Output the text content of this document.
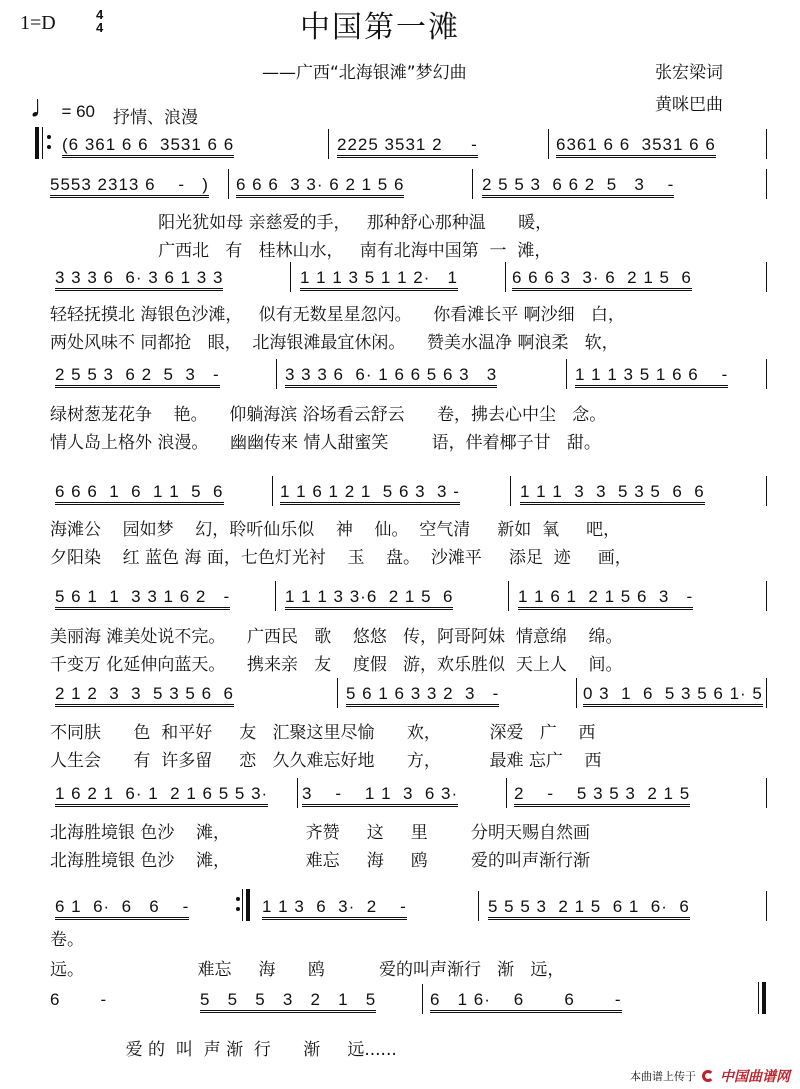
1=D	4
4	中国第一滩
——广西“北海银滩”梦幻曲	张宏梁词
黄咪巴曲

♩= 60 抒情、浪漫
(6 361 6 6  3531 6 6	2225 3531 2     -	6361 6 6  3531 6 6
5553 2313 6    -   ) 6 6 6  3 3· 6 2 1 5 6	2 5 5 3  6 6 2  5   3    -
阳光犹如母 亲慈爱的手，   那种舒心那种温      暖，
广西北   有   桂林山水，   南有北海中国第  一  滩，
3 3 3 6  6· 3 6 1 3 3	1 1 1 3 5 1 1 2·   1	6 6 6 3  3· 6  2 1 5  6
轻轻抚摸北 海银色沙滩，   似有无数星星忽闪。    你看滩长平 啊沙细   白，
两处风味不 同都抢   眼，  北海银滩最宜休闲。    赞美水温净 啊浪柔   软，
2 5 5 3  6 2  5  3   -	3 3 3 6  6· 1 6 6 5 6 3   3	1 1 1 3 5 1 6 6    -
绿树葱茏花争    艳。    仰躺海滨 浴场看云舒云      卷，拂去心中尘   念。
情人岛上格外 浪漫。    幽幽传来 情人甜蜜笑        语，伴着椰子甘   甜。
6 6 6  1  6  1 1  5  6	1 1 6 1 2 1  5 6 3  3 -	1 1 1  3  3  5 3 5  6  6
海滩公    园如梦    幻，聆听仙乐似    神    仙。  空气清     新如  氧     吧，
夕阳染    红 蓝色 海 面，七色灯光衬    玉    盘。  沙滩平     添足  迹     画，
5 6 1  1  3 3 1 6 2   -	1 1 1 3 3·6  2 1 5  6	1 1 6 1  2 1 5 6  3   -
美丽海 滩美处说不完。    广西民   歌    悠悠   传，阿哥阿妹  情意绵    绵。
千变万 化延伸向蓝天。    携来亲   友    度假   游，欢乐胜似  天上人    间。
2 1 2  3  3  5 3 5 6  6	5 6 1 6 3 3 2  3   -	0 3  1  6  5 3 5 6 1· 5
不同肤      色  和平好     友   汇聚这里尽愉      欢，         深爱   广    西
人生会      有  许多留     恋   久久难忘好地      方，         最难 忘广    西
1 6 2 1  6· 1  2 1 6 5 5 3· 3    -    1 1  3  6 3·	2    -    5 3 5 3  2 1 5
北海胜境银 色沙    滩，              齐赞     这     里        分明天赐自然画
北海胜境银 色沙    滩，              难忘     海     鸥        爱的叫声渐行渐
6 1  6·  6   6    -	1 1 3  6  3·  2    -	5 5 5 3  2 1 5  6 1  6·  6
卷。
远。                     难忘     海      鸥          爱的叫声渐行   渐   远，
6       -	5   5   5   3   2   1   5	6   1 6·    6       6       -
爱 的  叫  声 渐  行      渐     远......
本曲谱上传于 中国曲谱网
